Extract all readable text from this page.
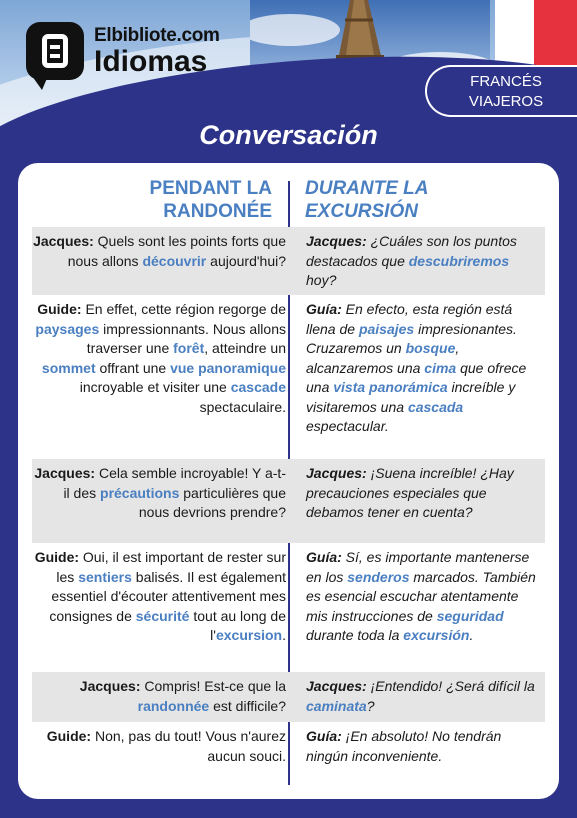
Elbibliote.com
Idiomas
FRANCÉS
VIAJEROS
Conversación
PENDANT LA
RANDONÉE
DURANTE LA
EXCURSIÓN
Jacques: Quels sont les points forts que nous allons découvrir aujourd'hui?
Jacques: ¿Cuáles son los puntos destacados que descubriremos hoy?
Guide: En effet, cette région regorge de paysages impressionnants. Nous allons traverser une forêt, atteindre un sommet offrant une vue panoramique incroyable et visiter une cascade spectaculaire.
Guía: En efecto, esta región está llena de paisajes impresionantes. Cruzaremos un bosque, alcanzaremos una cima que ofrece una vista panorámica increíble y visitaremos una cascada espectacular.
Jacques: Cela semble incroyable! Y a-t-il des précautions particulières que nous devrions prendre?
Jacques: ¡Suena increíble! ¿Hay precauciones especiales que debamos tener en cuenta?
Guide: Oui, il est important de rester sur les sentiers balisés. Il est également essentiel d'écouter attentivement mes consignes de sécurité tout au long de l'excursion.
Guía: Sí, es importante mantenerse en los senderos marcados. También es esencial escuchar atentamente mis instrucciones de seguridad durante toda la excursión.
Jacques: Compris! Est-ce que la randonnée est difficile?
Jacques: ¡Entendido! ¿Será difícil la caminata?
Guide: Non, pas du tout! Vous n'aurez aucun souci.
Guía: ¡En absoluto! No tendrán ningún inconveniente.
